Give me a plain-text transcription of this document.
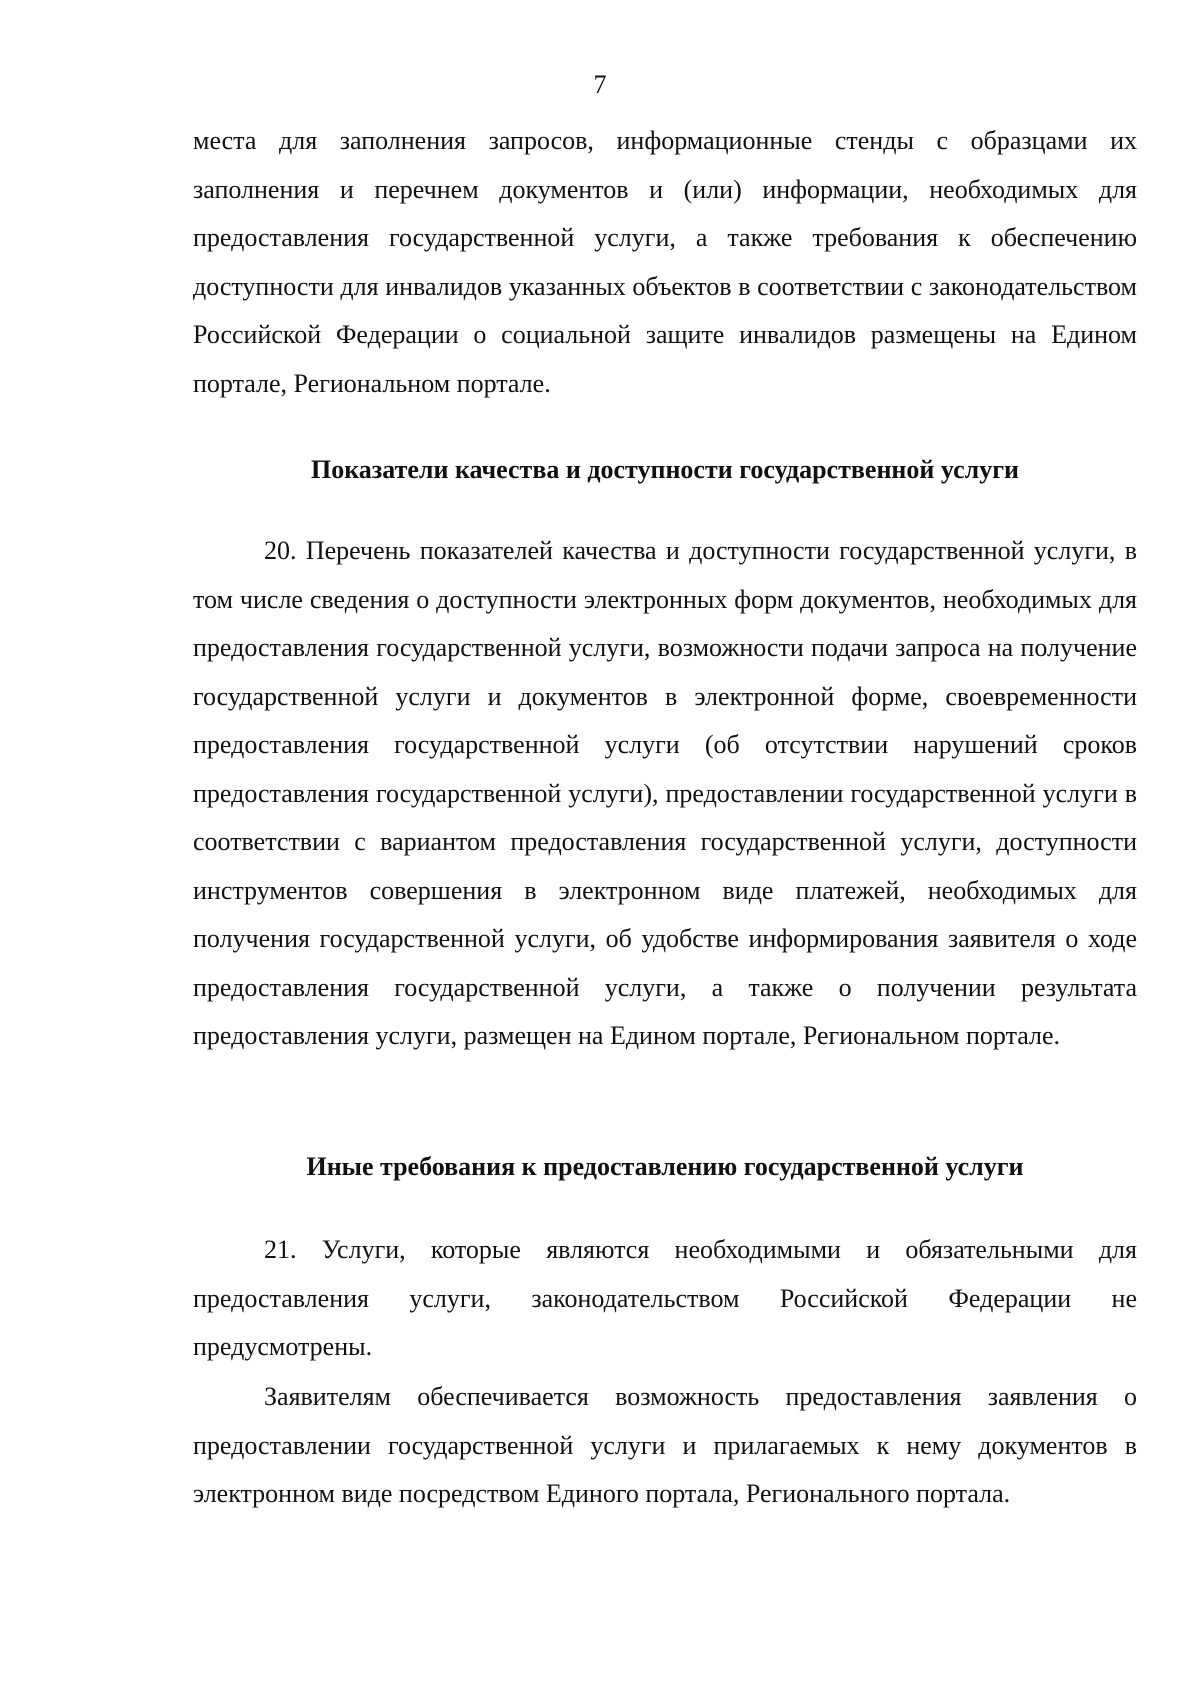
7

места для заполнения запросов, информационные стенды с образцами их заполнения и перечнем документов и (или) информации, необходимых для предоставления государственной услуги, а также требования к обеспечению доступности для инвалидов указанных объектов в соответствии с законодательством Российской Федерации о социальной защите инвалидов размещены на Едином портале, Региональном портале.

Показатели качества и доступности государственной услуги

20. Перечень показателей качества и доступности государственной услуги, в том числе сведения о доступности электронных форм документов, необходимых для предоставления государственной услуги, возможности подачи запроса на получение государственной услуги и документов в электронной форме, своевременности предоставления государственной услуги (об отсутствии нарушений сроков предоставления государственной услуги), предоставлении государственной услуги в соответствии с вариантом предоставления государственной услуги, доступности инструментов совершения в электронном виде платежей, необходимых для получения государственной услуги, об удобстве информирования заявителя о ходе предоставления государственной услуги, а также о получении результата предоставления услуги, размещен на Едином портале, Региональном портале.

Иные требования к предоставлению государственной услуги

21. Услуги, которые являются необходимыми и обязательными для предоставления услуги, законодательством Российской Федерации не предусмотрены.

Заявителям обеспечивается возможность предоставления заявления о предоставлении государственной услуги и прилагаемых к нему документов в электронном виде посредством Единого портала, Регионального портала.
